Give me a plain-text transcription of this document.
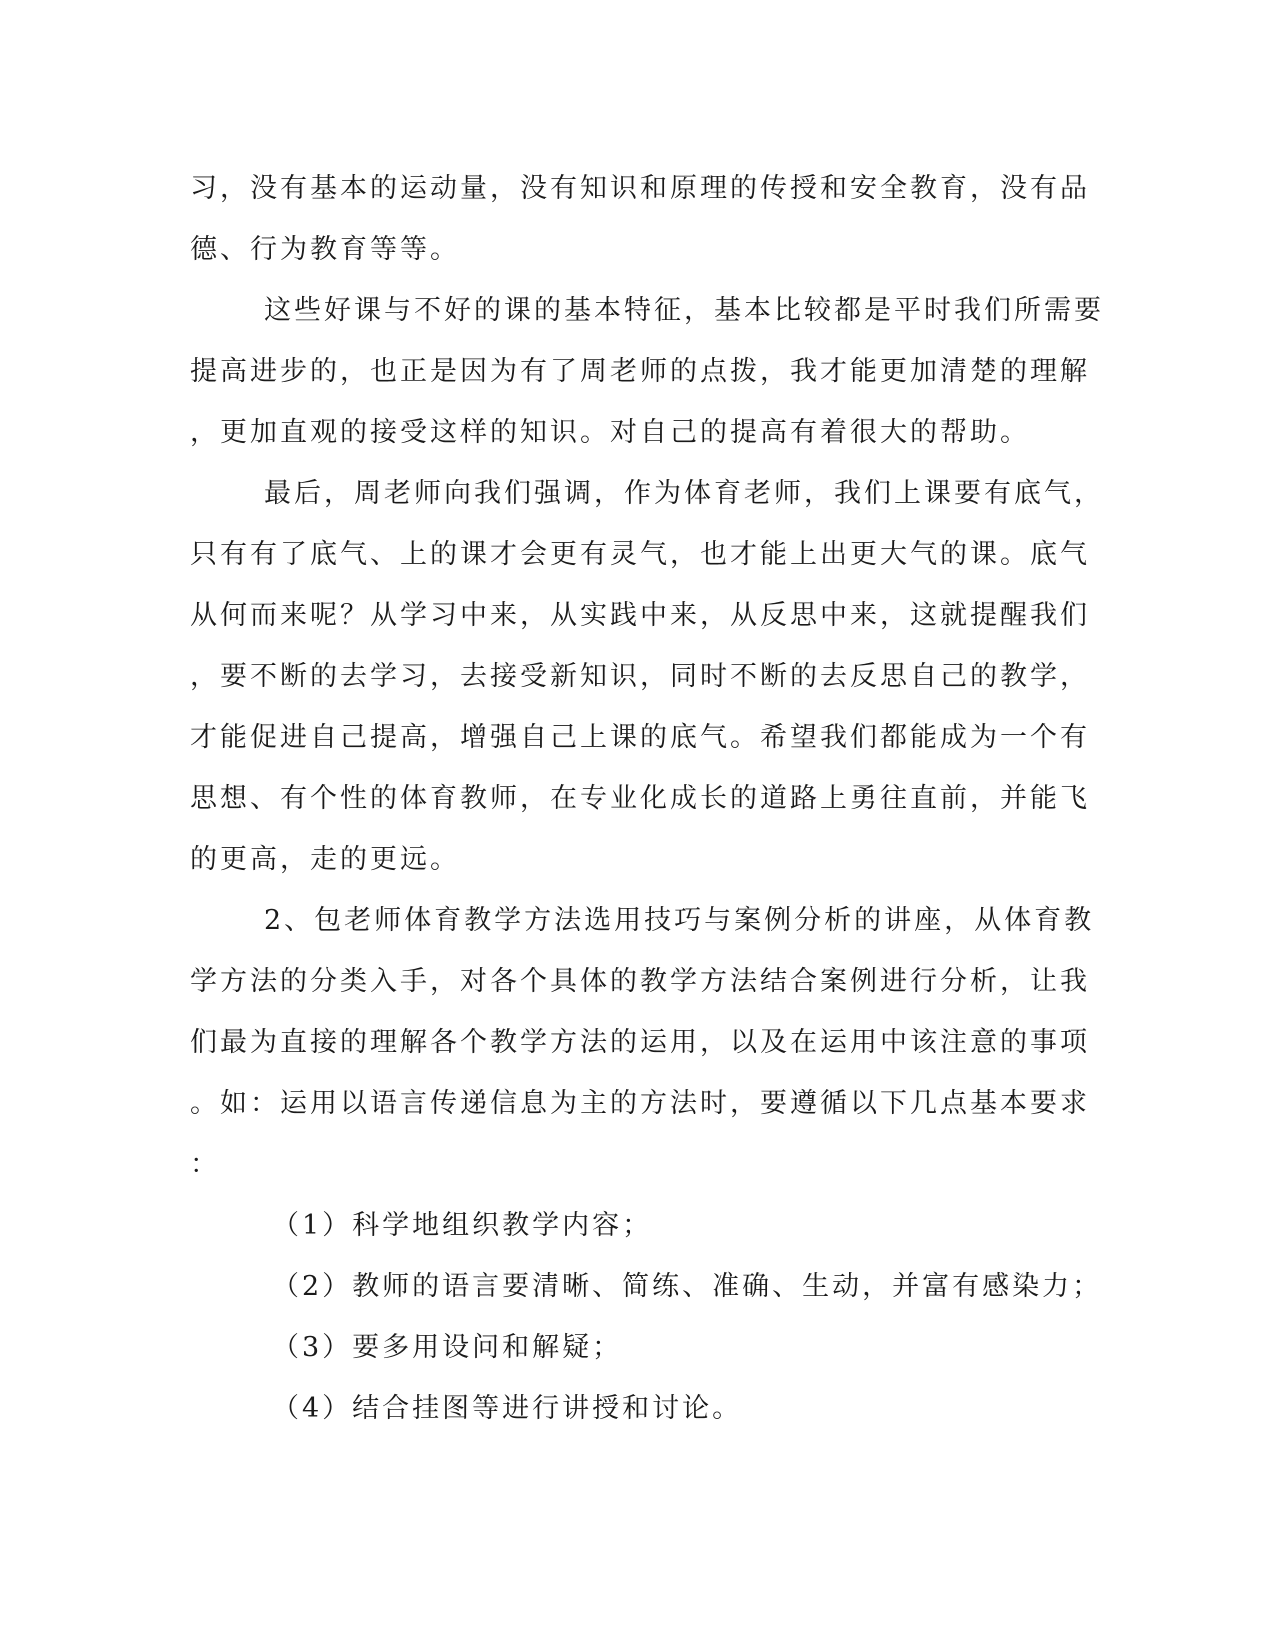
习，没有基本的运动量，没有知识和原理的传授和安全教育，没有品
德、行为教育等等。
这些好课与不好的课的基本特征，基本比较都是平时我们所需要
提高进步的，也正是因为有了周老师的点拨，我才能更加清楚的理解
，更加直观的接受这样的知识。对自己的提高有着很大的帮助。
最后，周老师向我们强调，作为体育老师，我们上课要有底气，
只有有了底气、上的课才会更有灵气，也才能上出更大气的课。底气
从何而来呢？从学习中来，从实践中来，从反思中来，这就提醒我们
，要不断的去学习，去接受新知识，同时不断的去反思自己的教学，
才能促进自己提高，增强自己上课的底气。希望我们都能成为一个有
思想、有个性的体育教师，在专业化成长的道路上勇往直前，并能飞
的更高，走的更远。
2、包老师体育教学方法选用技巧与案例分析的讲座，从体育教
学方法的分类入手，对各个具体的教学方法结合案例进行分析，让我
们最为直接的理解各个教学方法的运用，以及在运用中该注意的事项
。如：运用以语言传递信息为主的方法时，要遵循以下几点基本要求
：
（1）科学地组织教学内容；
（2）教师的语言要清晰、简练、准确、生动，并富有感染力；
（3）要多用设问和解疑；
（4）结合挂图等进行讲授和讨论。
